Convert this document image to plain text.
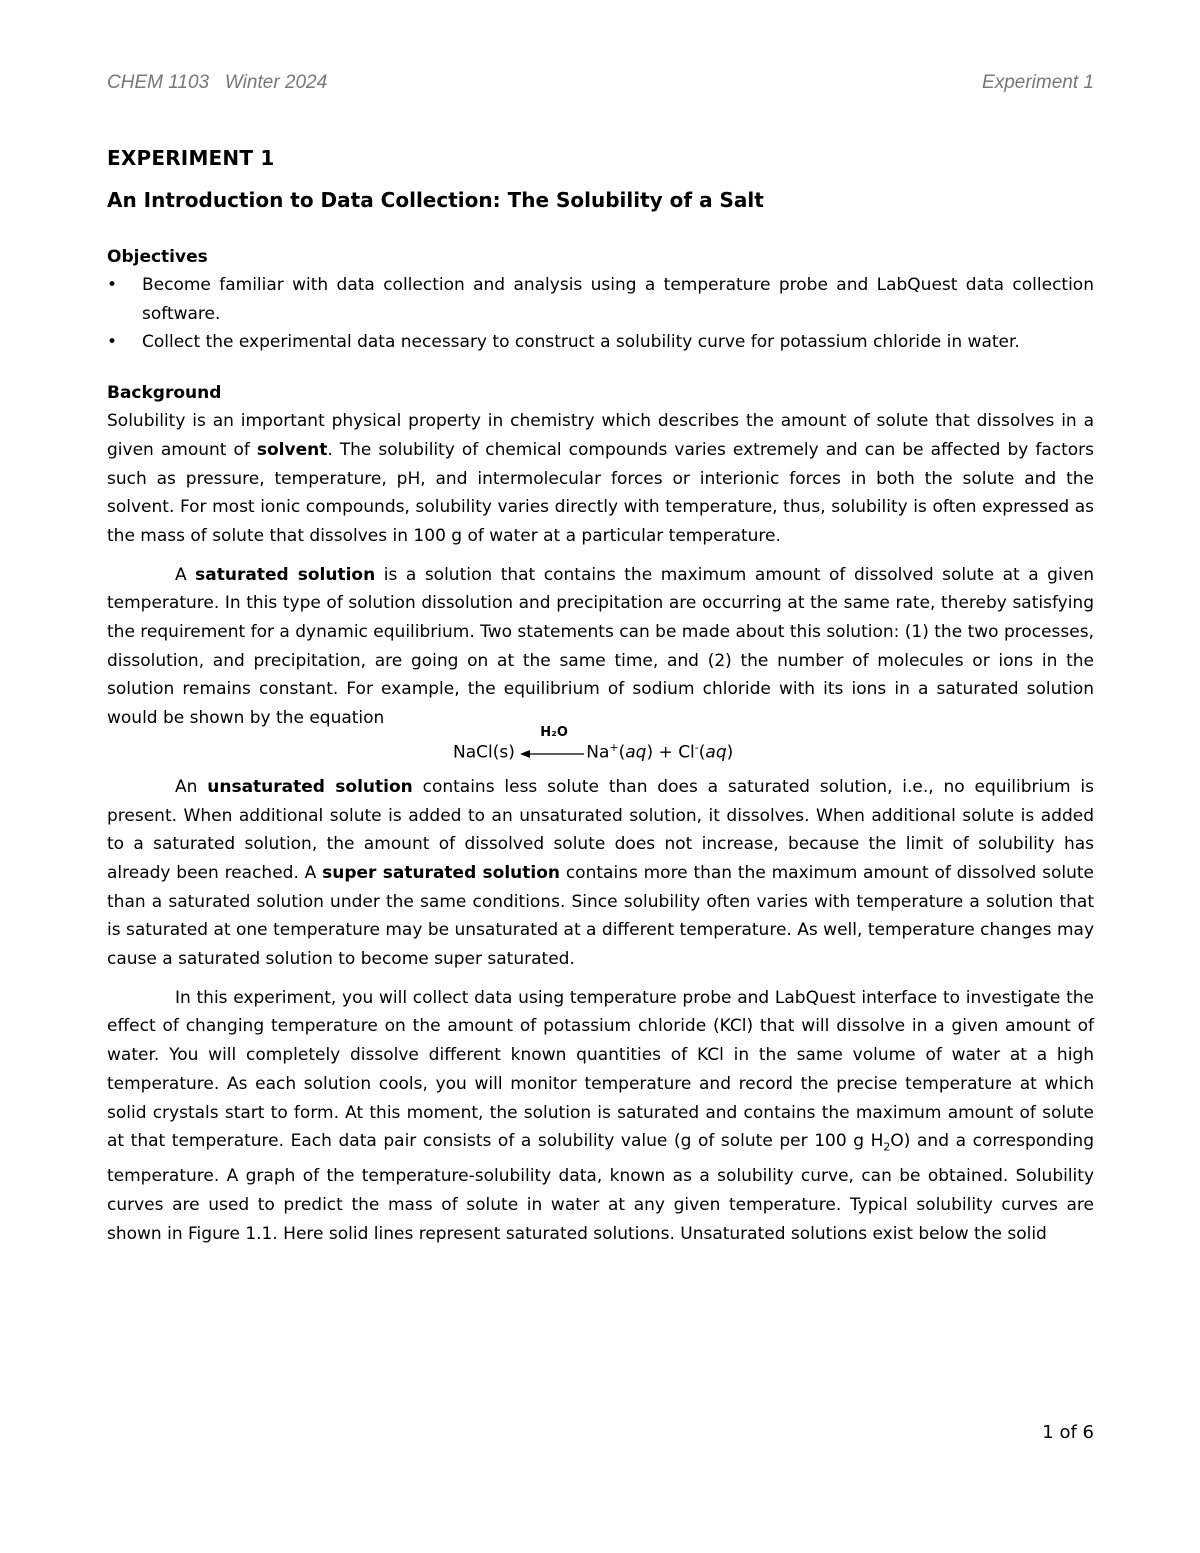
CHEM 1103   Winter 2024	Experiment 1
EXPERIMENT 1
An Introduction to Data Collection: The Solubility of a Salt
Objectives
• Become familiar with data collection and analysis using a temperature probe and LabQuest data collection software.
• Collect the experimental data necessary to construct a solubility curve for potassium chloride in water.
Background

Solubility is an important physical property in chemistry which describes the amount of solute that dissolves in a given amount of solvent. The solubility of chemical compounds varies extremely and can be affected by factors such as pressure, temperature, pH, and intermolecular forces or interionic forces in both the solute and the solvent. For most ionic compounds, solubility varies directly with temperature, thus, solubility is often expressed as the mass of solute that dissolves in 100 g of water at a particular temperature.

A saturated solution is a solution that contains the maximum amount of dissolved solute at a given temperature. In this type of solution dissolution and precipitation are occurring at the same rate, thereby satisfying the requirement for a dynamic equilibrium. Two statements can be made about this solution: (1) the two processes, dissolution, and precipitation, are going on at the same time, and (2) the number of molecules or ions in the solution remains constant. For example, the equilibrium of sodium chloride with its ions in a saturated solution would be shown by the equation

NaCl(s)
H₂O
Na+(aq) + Cl-(aq)

An unsaturated solution contains less solute than does a saturated solution, i.e., no equilibrium is present. When additional solute is added to an unsaturated solution, it dissolves. When additional solute is added to a saturated solution, the amount of dissolved solute does not increase, because the limit of solubility has already been reached. A super saturated solution contains more than the maximum amount of dissolved solute than a saturated solution under the same conditions. Since solubility often varies with temperature a solution that is saturated at one temperature may be unsaturated at a different temperature. As well, temperature changes may cause a saturated solution to become super saturated.

In this experiment, you will collect data using temperature probe and LabQuest interface to investigate the effect of changing temperature on the amount of potassium chloride (KCl) that will dissolve in a given amount of water. You will completely dissolve different known quantities of KCl in the same volume of water at a high temperature. As each solution cools, you will monitor temperature and record the precise temperature at which solid crystals start to form. At this moment, the solution is saturated and contains the maximum amount of solute at that temperature. Each data pair consists of a solubility value (g of solute per 100 g $H_2O$) and a corresponding temperature. A graph of the temperature-solubility data, known as a solubility curve, can be obtained. Solubility curves are used to predict the mass of solute in water at any given temperature. Typical solubility curves are shown in Figure 1.1. Here solid lines represent saturated solutions. Unsaturated solutions exist below the solid

1 of 6
